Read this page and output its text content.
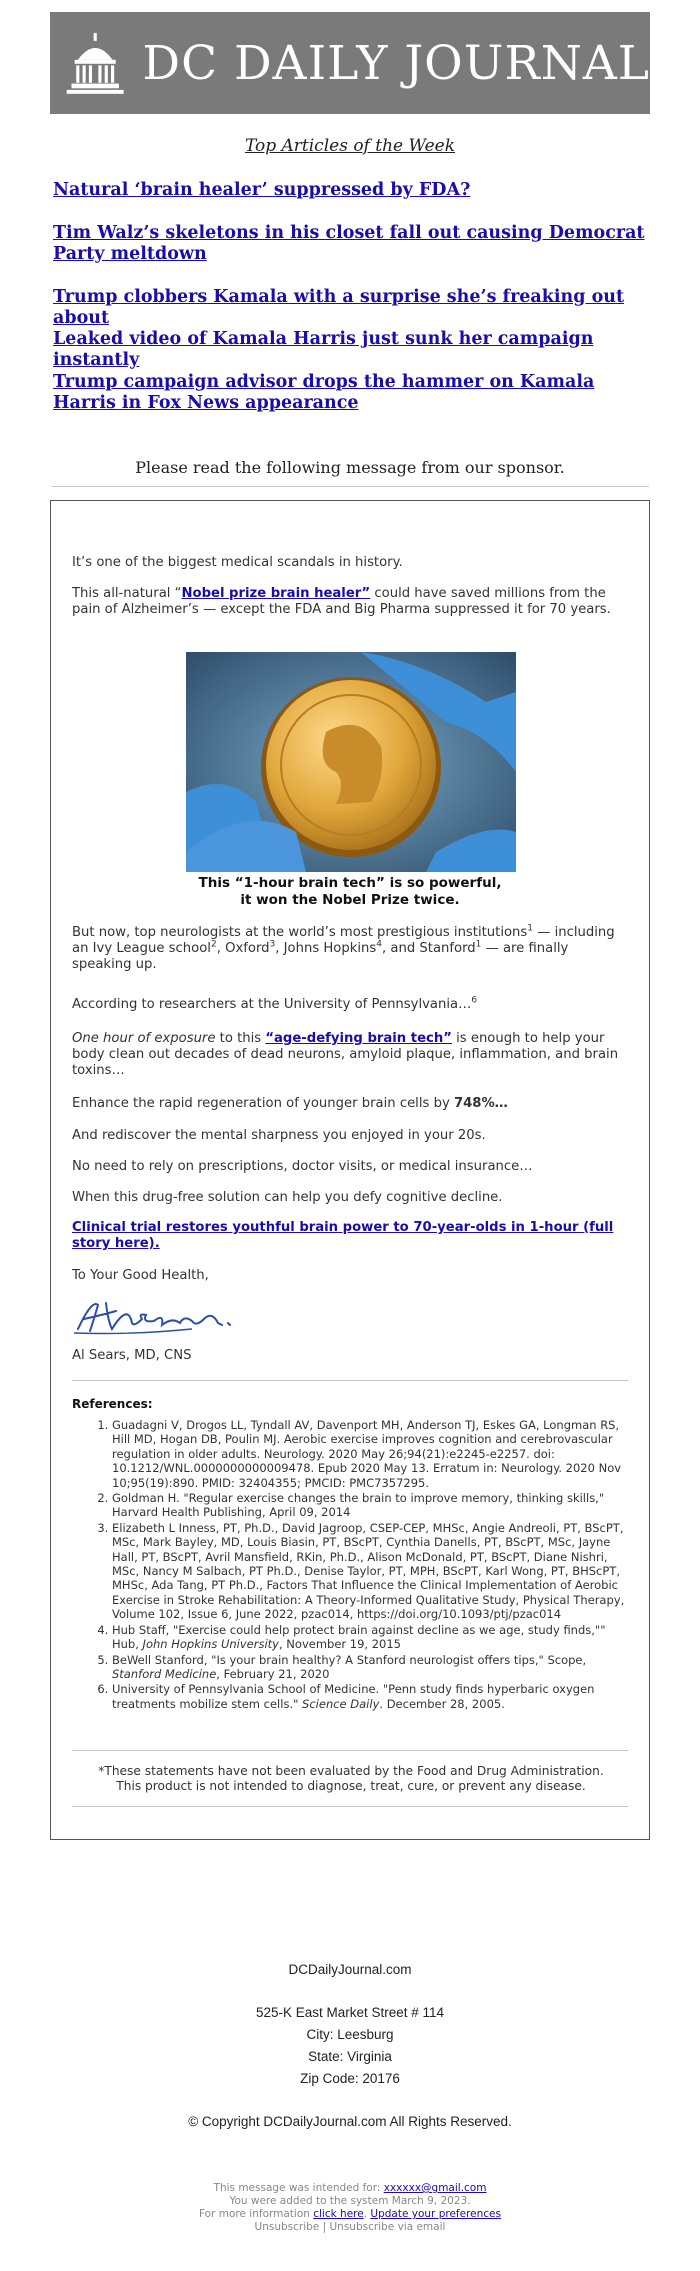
DC DAILY JOURNAL
Top Articles of the Week
Natural ‘brain healer’ suppressed by FDA?
Tim Walz’s skeletons in his closet fall out causing Democrat Party meltdown
Trump clobbers Kamala with a surprise she’s freaking out about
Leaked video of Kamala Harris just sunk her campaign instantly
Trump campaign advisor drops the hammer on Kamala Harris in Fox News appearance
Please read the following message from our sponsor.
It’s one of the biggest medical scandals in history.
This all-natural “Nobel prize brain healer” could have saved millions from the pain of Alzheimer’s — except the FDA and Big Pharma suppressed it for 70 years.
This “1-hour brain tech” is so powerful,
it won the Nobel Prize twice.
But now, top neurologists at the world’s most prestigious institutions$^1$ — including an Ivy League school$^2$, Oxford$^3$, Johns Hopkins$^4$, and Stanford$^1$ — are finally speaking up.
According to researchers at the University of Pennsylvania…$^6$
One hour of exposure to this “age-defying brain tech” is enough to help your body clean out decades of dead neurons, amyloid plaque, inflammation, and brain toxins…
Enhance the rapid regeneration of younger brain cells by 748%…
And rediscover the mental sharpness you enjoyed in your 20s.
No need to rely on prescriptions, doctor visits, or medical insurance…
When this drug-free solution can help you defy cognitive decline.
Clinical trial restores youthful brain power to 70-year-olds in 1-hour (full story here).
To Your Good Health,
Al Sears, MD, CNS
References:
1. Guadagni V, Drogos LL, Tyndall AV, Davenport MH, Anderson TJ, Eskes GA, Longman RS, Hill MD, Hogan DB, Poulin MJ. Aerobic exercise improves cognition and cerebrovascular regulation in older adults. Neurology. 2020 May 26;94(21):e2245-e2257. doi: 10.1212/WNL.0000000000009478. Epub 2020 May 13. Erratum in: Neurology. 2020 Nov 10;95(19):890. PMID: 32404355; PMCID: PMC7357295.
2. Goldman H. "Regular exercise changes the brain to improve memory, thinking skills," Harvard Health Publishing, April 09, 2014
3. Elizabeth L Inness, PT, Ph.D., David Jagroop, CSEP-CEP, MHSc, Angie Andreoli, PT, BScPT, MSc, Mark Bayley, MD, Louis Biasin, PT, BScPT, Cynthia Danells, PT, BScPT, MSc, Jayne Hall, PT, BScPT, Avril Mansfield, RKin, Ph.D., Alison McDonald, PT, BScPT, Diane Nishri, MSc, Nancy M Salbach, PT Ph.D., Denise Taylor, PT, MPH, BScPT, Karl Wong, PT, BHScPT, MHSc, Ada Tang, PT Ph.D., Factors That Influence the Clinical Implementation of Aerobic Exercise in Stroke Rehabilitation: A Theory-Informed Qualitative Study, Physical Therapy, Volume 102, Issue 6, June 2022, pzac014, https://doi.org/10.1093/ptj/pzac014
4. Hub Staff, "Exercise could help protect brain against decline as we age, study finds,"" Hub, John Hopkins University, November 19, 2015
5. BeWell Stanford, "Is your brain healthy? A Stanford neurologist offers tips," Scope, Stanford Medicine, February 21, 2020
6. University of Pennsylvania School of Medicine. "Penn study finds hyperbaric oxygen treatments mobilize stem cells." Science Daily. December 28, 2005.
*These statements have not been evaluated by the Food and Drug Administration.
This product is not intended to diagnose, treat, cure, or prevent any disease.
DCDailyJournal.com
525-K East Market Street # 114
City: Leesburg
State: Virginia
Zip Code: 20176
© Copyright DCDailyJournal.com All Rights Reserved.
This message was intended for: xxxxxx@gmail.com
You were added to the system March 9, 2023.
For more information click here. Update your preferences
Unsubscribe | Unsubscribe via email
